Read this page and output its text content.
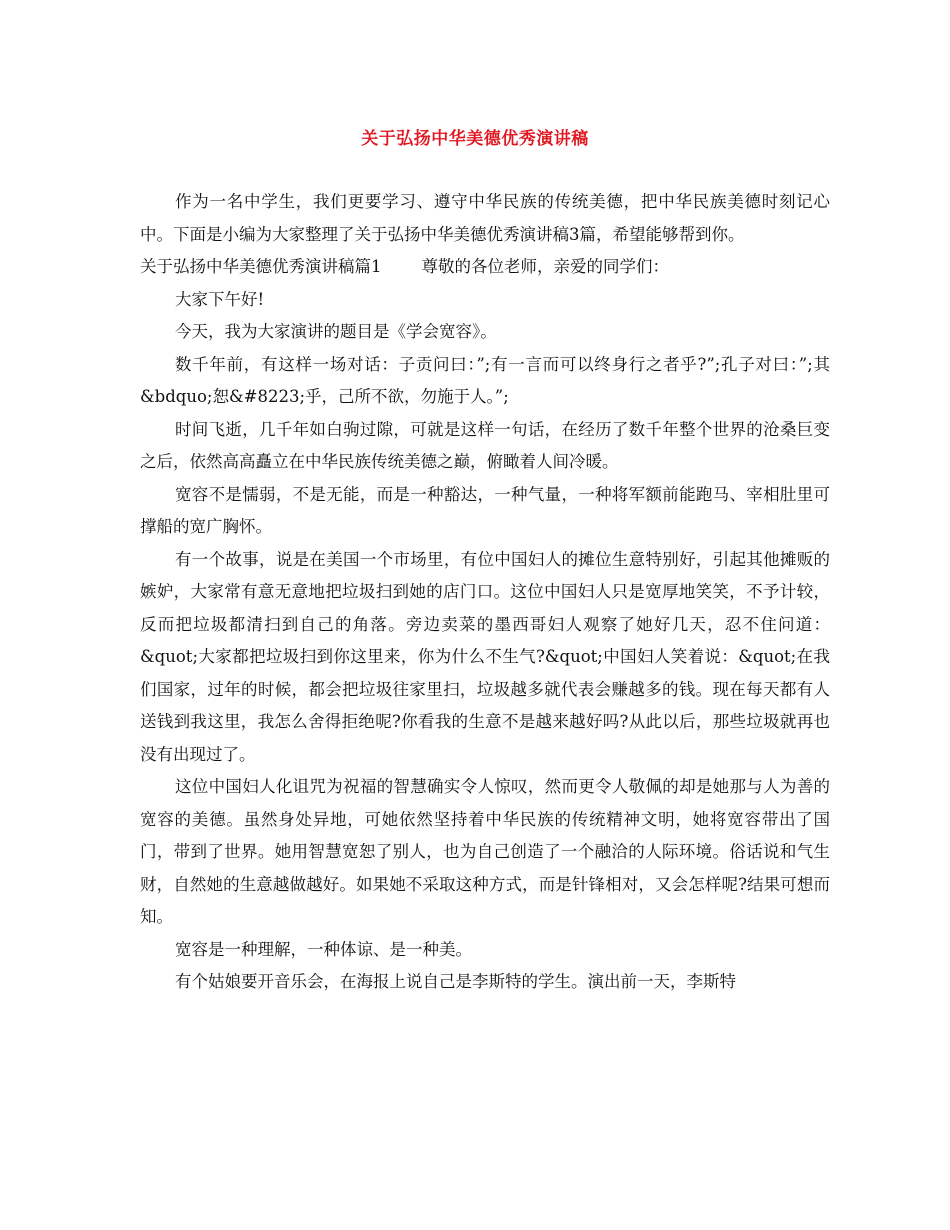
关于弘扬中华美德优秀演讲稿

作为一名中学生，我们更要学习、遵守中华民族的传统美德，把中华民族美德时刻记心中。下面是小编为大家整理了关于弘扬中华美德优秀演讲稿3篇，希望能够帮到你。

关于弘扬中华美德优秀演讲稿篇1 尊敬的各位老师，亲爱的同学们：

大家下午好!

今天，我为大家演讲的题目是《学会宽容》。

数千年前，有这样一场对话：子贡问曰：”;有一言而可以终身行之者乎?”;孔子对曰：”;其&bdquo;恕&#8223;乎，己所不欲，勿施于人。”;

时间飞逝，几千年如白驹过隙，可就是这样一句话，在经历了数千年整个世界的沧桑巨变之后，依然高高矗立在中华民族传统美德之巅，俯瞰着人间冷暖。

宽容不是懦弱，不是无能，而是一种豁达，一种气量，一种将军额前能跑马、宰相肚里可撑船的宽广胸怀。

有一个故事，说是在美国一个市场里，有位中国妇人的摊位生意特别好，引起其他摊贩的嫉妒，大家常有意无意地把垃圾扫到她的店门口。这位中国妇人只是宽厚地笑笑，不予计较，反而把垃圾都清扫到自己的角落。旁边卖菜的墨西哥妇人观察了她好几天，忍不住问道：&quot;大家都把垃圾扫到你这里来，你为什么不生气?&quot;中国妇人笑着说：&quot;在我们国家，过年的时候，都会把垃圾往家里扫，垃圾越多就代表会赚越多的钱。现在每天都有人送钱到我这里，我怎么舍得拒绝呢?你看我的生意不是越来越好吗?从此以后，那些垃圾就再也没有出现过了。

这位中国妇人化诅咒为祝福的智慧确实令人惊叹，然而更令人敬佩的却是她那与人为善的宽容的美德。虽然身处异地，可她依然坚持着中华民族的传统精神文明，她将宽容带出了国门，带到了世界。她用智慧宽恕了别人，也为自己创造了一个融洽的人际环境。俗话说和气生财，自然她的生意越做越好。如果她不采取这种方式，而是针锋相对，又会怎样呢?结果可想而知。

宽容是一种理解，一种体谅、是一种美。

有个姑娘要开音乐会，在海报上说自己是李斯特的学生。演出前一天，李斯特
